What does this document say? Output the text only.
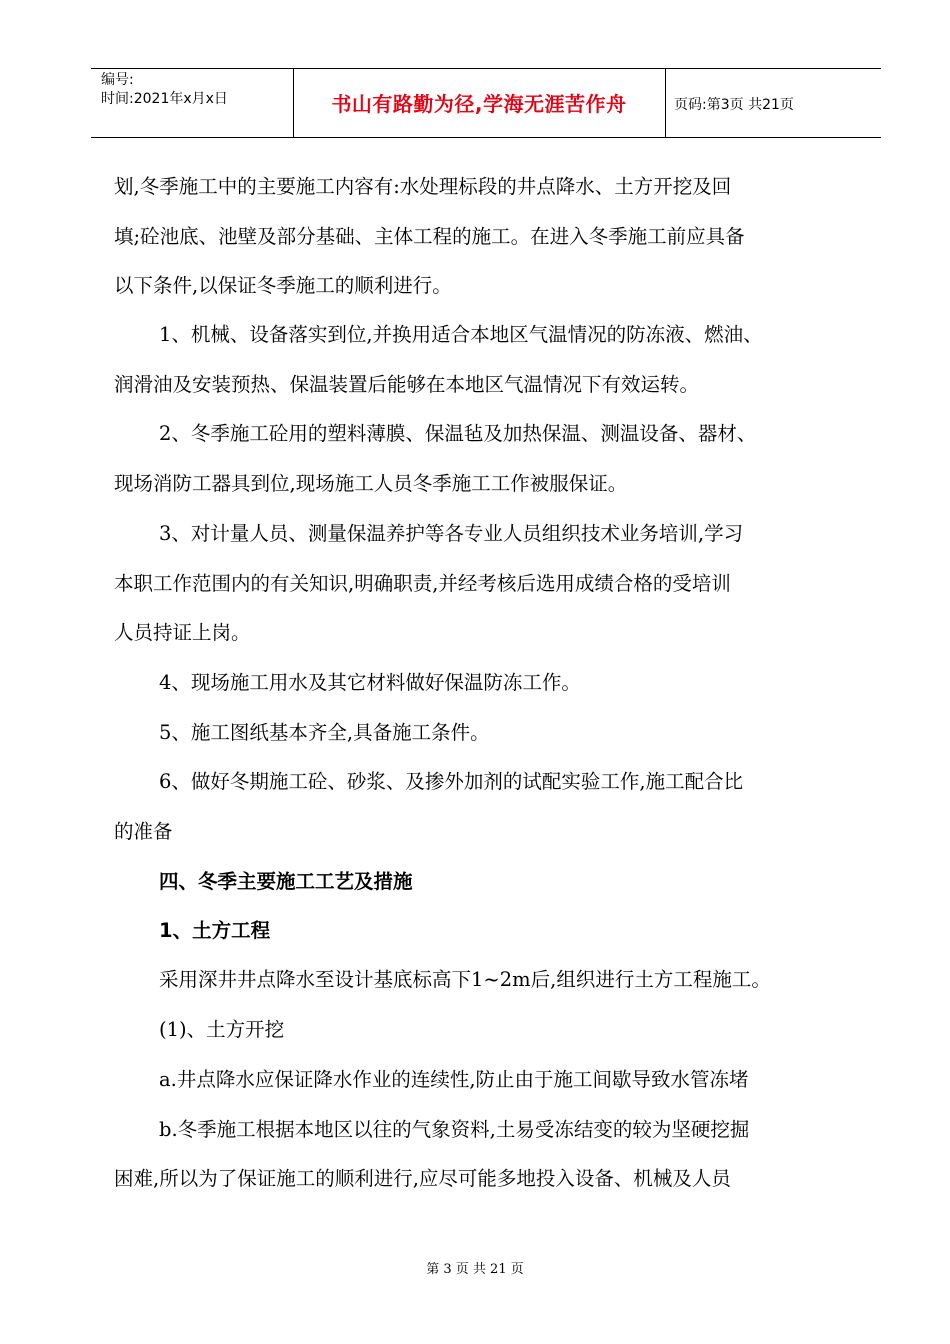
编号:
时间:2021年x月x日	书山有路勤为径,学海无涯苦作舟	页码:第3页 共21页
划,冬季施工中的主要施工内容有:水处理标段的井点降水、土方开挖及回
填;砼池底、池壁及部分基础、主体工程的施工。在进入冬季施工前应具备
以下条件,以保证冬季施工的顺利进行。
1、机械、设备落实到位,并换用适合本地区气温情况的防冻液、燃油、
润滑油及安装预热、保温装置后能够在本地区气温情况下有效运转。
2、冬季施工砼用的塑料薄膜、保温毡及加热保温、测温设备、器材、
现场消防工器具到位,现场施工人员冬季施工工作被服保证。
3、对计量人员、测量保温养护等各专业人员组织技术业务培训,学习
本职工作范围内的有关知识,明确职责,并经考核后选用成绩合格的受培训
人员持证上岗。
4、现场施工用水及其它材料做好保温防冻工作。
5、施工图纸基本齐全,具备施工条件。
6、做好冬期施工砼、砂浆、及掺外加剂的试配实验工作,施工配合比
的准备
四、冬季主要施工工艺及措施
1、土方工程
采用深井井点降水至设计基底标高下1~2m后,组织进行土方工程施工。
(1)、土方开挖
a.井点降水应保证降水作业的连续性,防止由于施工间歇导致水管冻堵
b.冬季施工根据本地区以往的气象资料,土易受冻结变的较为坚硬挖掘
困难,所以为了保证施工的顺利进行,应尽可能多地投入设备、机械及人员
第 3 页 共 21 页
